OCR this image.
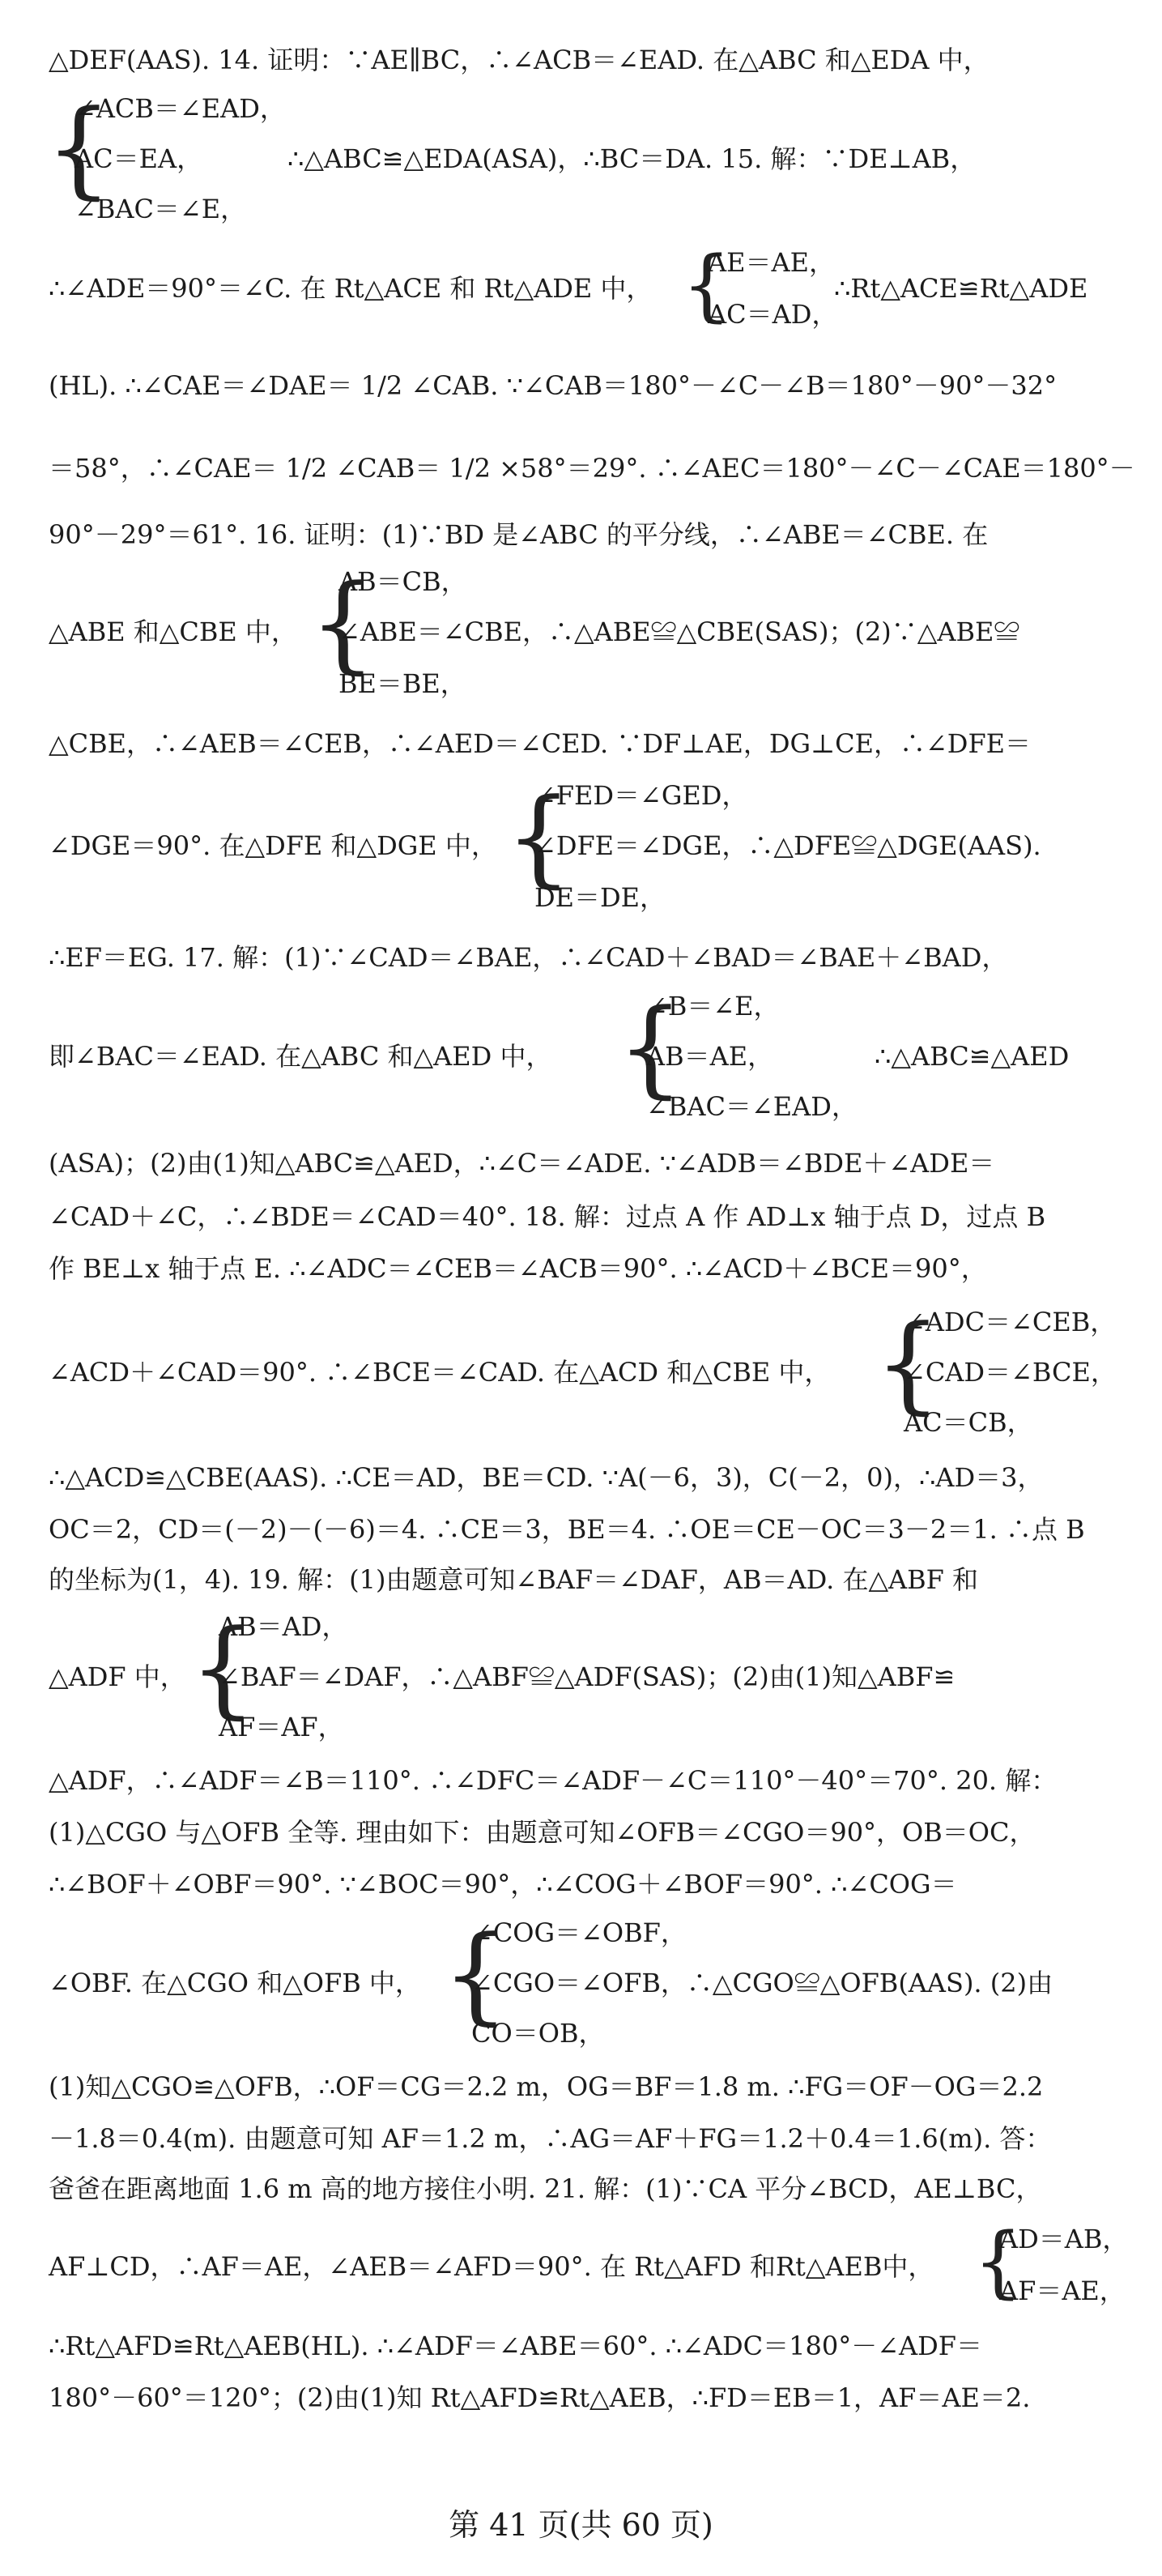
△DEF(AAS). 14. 证明：∵AE∥BC，∴∠ACB＝∠EAD. 在△ABC 和△EDA 中，
{
∠ACB＝∠EAD，
AC＝EA，
∠BAC＝∠E，
∴△ABC≌△EDA(ASA)，∴BC＝DA. 15. 解：∵DE⊥AB，
∴∠ADE＝90°＝∠C. 在 Rt△ACE 和 Rt△ADE 中， {
AE＝AE，
AC＝AD，
∴Rt△ACE≌Rt△ADE
(HL). ∴∠CAE＝∠DAE＝ 1/2 ∠CAB. ∵∠CAB＝180°－∠C－∠B＝180°－90°－32°
＝58°，∴∠CAE＝ 1/2 ∠CAB＝ 1/2 ×58°＝29°. ∴∠AEC＝180°－∠C－∠CAE＝180°－
90°－29°＝61°. 16. 证明：(1)∵BD 是∠ABC 的平分线，∴∠ABE＝∠CBE. 在
AB＝CB，
△ABE 和△CBE 中， {
∠ABE＝∠CBE，∴△ABE≌△CBE(SAS)；(2)∵△ABE≌
BE＝BE，
△CBE，∴∠AEB＝∠CEB，∴∠AED＝∠CED. ∵DF⊥AE，DG⊥CE，∴∠DFE＝
∠FED＝∠GED，
∠DGE＝90°. 在△DFE 和△DGE 中， {
∠DFE＝∠DGE，∴△DFE≌△DGE(AAS).
DE＝DE，
∴EF＝EG. 17. 解：(1)∵∠CAD＝∠BAE，∴∠CAD＋∠BAD＝∠BAE＋∠BAD，
∠B＝∠E，
即∠BAC＝∠EAD. 在△ABC 和△AED 中， {
AB＝AE，	∴△ABC≌△AED
∠BAC＝∠EAD，
(ASA)；(2)由(1)知△ABC≌△AED，∴∠C＝∠ADE. ∵∠ADB＝∠BDE＋∠ADE＝
∠CAD＋∠C，∴∠BDE＝∠CAD＝40°. 18. 解：过点 A 作 AD⊥x 轴于点 D，过点 B
作 BE⊥x 轴于点 E. ∴∠ADC＝∠CEB＝∠ACB＝90°. ∴∠ACD＋∠BCE＝90°，
∠ADC＝∠CEB，
∠ACD＋∠CAD＝90°. ∴∠BCE＝∠CAD. 在△ACD 和△CBE 中， {
∠CAD＝∠BCE，
AC＝CB，
∴△ACD≌△CBE(AAS). ∴CE＝AD，BE＝CD. ∵A(－6，3)，C(－2，0)，∴AD＝3，
OC＝2，CD＝(－2)－(－6)＝4. ∴CE＝3，BE＝4. ∴OE＝CE－OC＝3－2＝1. ∴点 B
的坐标为(1，4). 19. 解：(1)由题意可知∠BAF＝∠DAF，AB＝AD. 在△ABF 和
AB＝AD，
△ADF 中， {
∠BAF＝∠DAF，∴△ABF≌△ADF(SAS)；(2)由(1)知△ABF≌
AF＝AF，
△ADF，∴∠ADF＝∠B＝110°. ∴∠DFC＝∠ADF－∠C＝110°－40°＝70°. 20. 解：
(1)△CGO 与△OFB 全等. 理由如下：由题意可知∠OFB＝∠CGO＝90°，OB＝OC，
∴∠BOF＋∠OBF＝90°. ∵∠BOC＝90°，∴∠COG＋∠BOF＝90°. ∴∠COG＝
∠COG＝∠OBF，
∠OBF. 在△CGO 和△OFB 中， {
∠CGO＝∠OFB，∴△CGO≌△OFB(AAS). (2)由
CO＝OB，
(1)知△CGO≌△OFB，∴OF＝CG＝2.2 m，OG＝BF＝1.8 m. ∴FG＝OF－OG＝2.2
－1.8＝0.4(m). 由题意可知 AF＝1.2 m，∴AG＝AF＋FG＝1.2＋0.4＝1.6(m). 答：
爸爸在距离地面 1.6 m 高的地方接住小明. 21. 解：(1)∵CA 平分∠BCD，AE⊥BC，
AF⊥CD，∴AF＝AE，∠AEB＝∠AFD＝90°. 在 Rt△AFD 和Rt△AEB中， {
AD＝AB，
AF＝AE，
∴Rt△AFD≌Rt△AEB(HL). ∴∠ADF＝∠ABE＝60°. ∴∠ADC＝180°－∠ADF＝
180°－60°＝120°；(2)由(1)知 Rt△AFD≌Rt△AEB，∴FD＝EB＝1，AF＝AE＝2.
第 41 页(共 60 页)
